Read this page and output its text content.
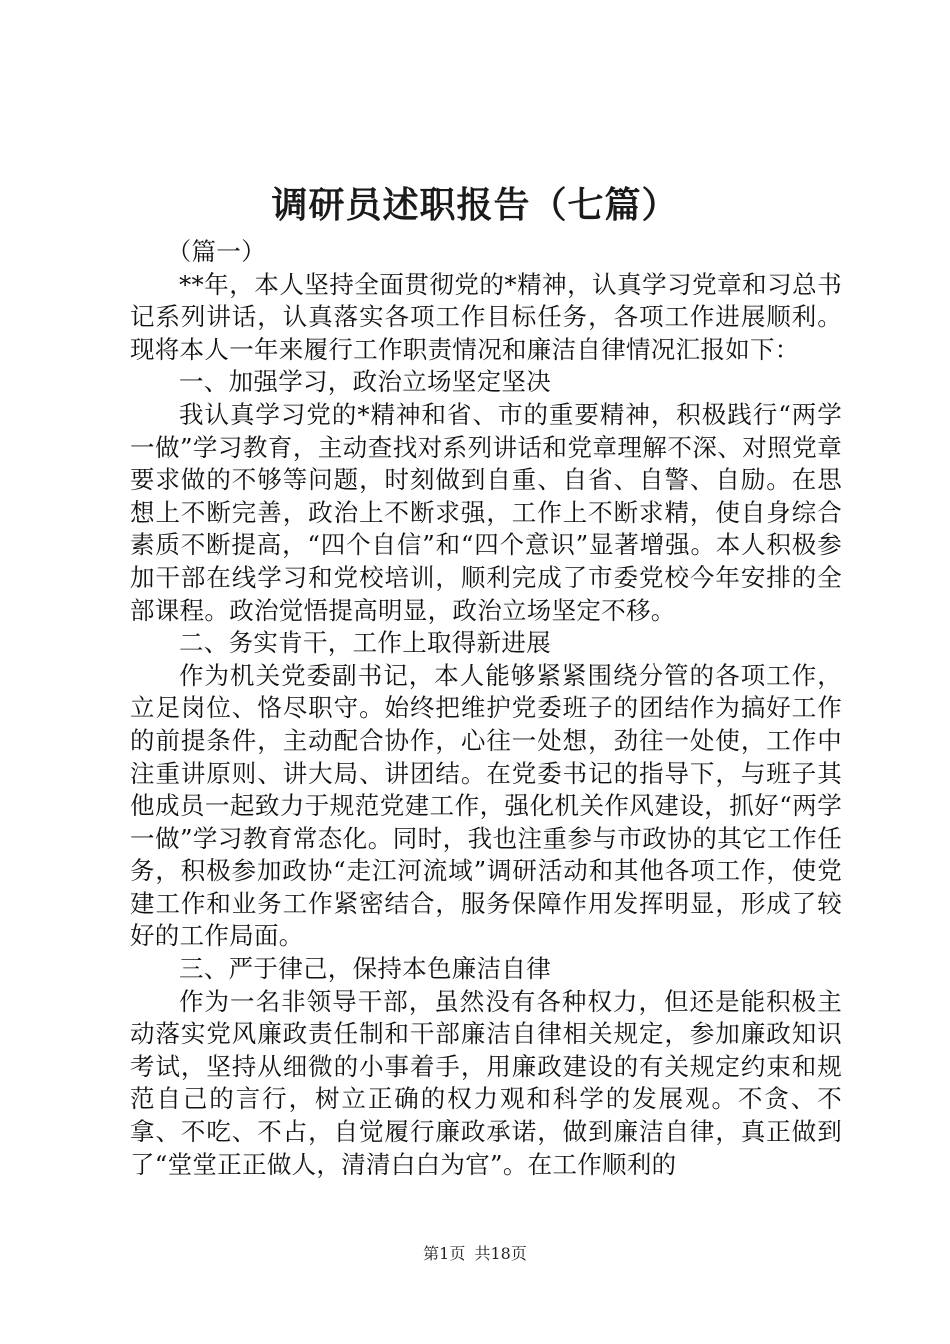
调研员述职报告（七篇）

（篇一）

**年，本人坚持全面贯彻党的*精神，认真学习党章和习总书记系列讲话，认真落实各项工作目标任务，各项工作进展顺利。现将本人一年来履行工作职责情况和廉洁自律情况汇报如下：

一、加强学习，政治立场坚定坚决

我认真学习党的*精神和省、市的重要精神，积极践行“两学一做”学习教育，主动查找对系列讲话和党章理解不深、对照党章要求做的不够等问题，时刻做到自重、自省、自警、自励。在思想上不断完善，政治上不断求强，工作上不断求精，使自身综合素质不断提高，“四个自信”和“四个意识”显著增强。本人积极参加干部在线学习和党校培训，顺利完成了市委党校今年安排的全部课程。政治觉悟提高明显，政治立场坚定不移。

二、务实肯干，工作上取得新进展

作为机关党委副书记，本人能够紧紧围绕分管的各项工作，立足岗位、恪尽职守。始终把维护党委班子的团结作为搞好工作的前提条件，主动配合协作，心往一处想，劲往一处使，工作中注重讲原则、讲大局、讲团结。在党委书记的指导下，与班子其他成员一起致力于规范党建工作，强化机关作风建设，抓好“两学一做”学习教育常态化。同时，我也注重参与市政协的其它工作任务，积极参加政协“走江河流域”调研活动和其他各项工作，使党建工作和业务工作紧密结合，服务保障作用发挥明显，形成了较好的工作局面。

三、严于律己，保持本色廉洁自律

作为一名非领导干部，虽然没有各种权力，但还是能积极主动落实党风廉政责任制和干部廉洁自律相关规定，参加廉政知识考试，坚持从细微的小事着手，用廉政建设的有关规定约束和规范自己的言行，树立正确的权力观和科学的发展观。不贪、不拿、不吃、不占，自觉履行廉政承诺，做到廉洁自律，真正做到了“堂堂正正做人，清清白白为官”。在工作顺利的

第1页 共18页
